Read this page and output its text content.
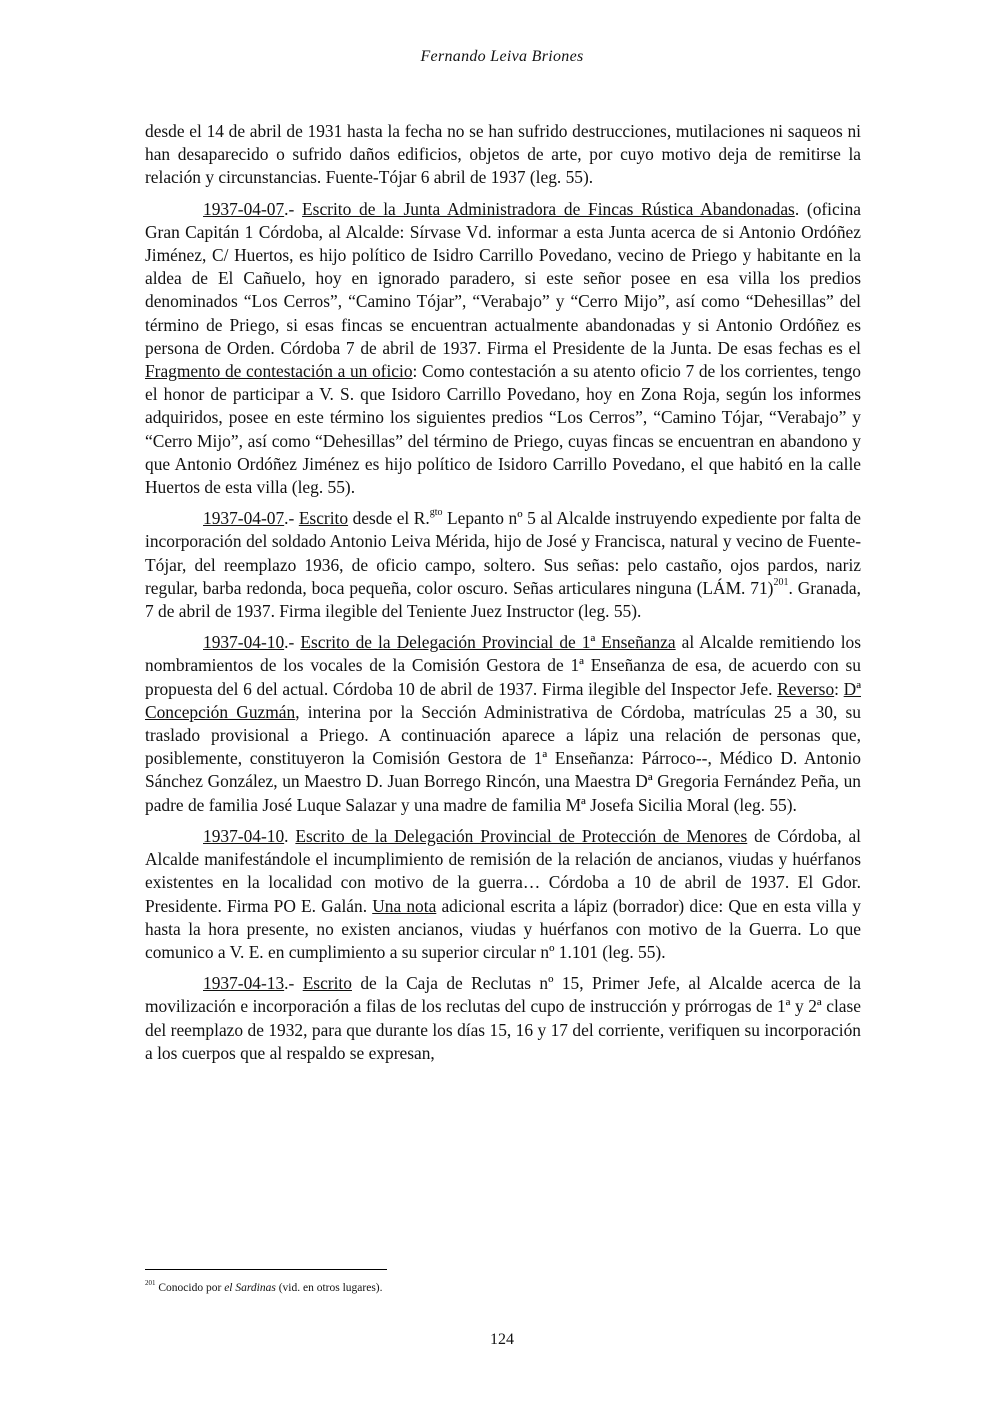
Fernando Leiva Briones

desde el 14 de abril de 1931 hasta la fecha no se han sufrido destrucciones, mutilaciones ni saqueos ni han desaparecido o sufrido daños edificios, objetos de arte, por cuyo motivo deja de remitirse la relación y circunstancias. Fuente-Tójar 6 abril de 1937 (leg. 55).

1937-04-07.- Escrito de la Junta Administradora de Fincas Rústica Abandonadas. (oficina Gran Capitán 1 Córdoba, al Alcalde: Sírvase Vd. informar a esta Junta acerca de si Antonio Ordóñez Jiménez, C/ Huertos, es hijo político de Isidro Carrillo Povedano, vecino de Priego y habitante en la aldea de El Cañuelo, hoy en ignorado paradero, si este señor posee en esa villa los predios denominados “Los Cerros”, “Camino Tójar”, “Verabajo” y “Cerro Mijo”, así como “Dehesillas” del término de Priego, si esas fincas se encuentran actualmente abandonadas y si Antonio Ordóñez es persona de Orden. Córdoba 7 de abril de 1937. Firma el Presidente de la Junta. De esas fechas es el Fragmento de contestación a un oficio: Como contestación a su atento oficio 7 de los corrientes, tengo el honor de participar a V. S. que Isidoro Carrillo Povedano, hoy en Zona Roja, según los informes adquiridos, posee en este término los siguientes predios “Los Cerros”, “Camino Tójar, “Verabajo” y “Cerro Mijo”, así como “Dehesillas” del término de Priego, cuyas fincas se encuentran en abandono y que Antonio Ordóñez Jiménez es hijo político de Isidoro Carrillo Povedano, el que habitó en la calle Huertos de esta villa (leg. 55).

1937-04-07.- Escrito desde el R.$^{gto}$ Lepanto nº 5 al Alcalde instruyendo expediente por falta de incorporación del soldado Antonio Leiva Mérida, hijo de José y Francisca, natural y vecino de Fuente-Tójar, del reemplazo 1936, de oficio campo, soltero. Sus señas: pelo castaño, ojos pardos, nariz regular, barba redonda, boca pequeña, color oscuro. Señas articulares ninguna (LÁM. 71)$^{201}$. Granada, 7 de abril de 1937. Firma ilegible del Teniente Juez Instructor (leg. 55).

1937-04-10.- Escrito de la Delegación Provincial de 1ª Enseñanza al Alcalde remitiendo los nombramientos de los vocales de la Comisión Gestora de 1ª Enseñanza de esa, de acuerdo con su propuesta del 6 del actual. Córdoba 10 de abril de 1937. Firma ilegible del Inspector Jefe. Reverso: Dª Concepción Guzmán, interina por la Sección Administrativa de Córdoba, matrículas 25 a 30, su traslado provisional a Priego. A continuación aparece a lápiz una relación de personas que, posiblemente, constituyeron la Comisión Gestora de 1ª Enseñanza: Párroco--, Médico D. Antonio Sánchez González, un Maestro D. Juan Borrego Rincón, una Maestra Dª Gregoria Fernández Peña, un padre de familia José Luque Salazar y una madre de familia Mª Josefa Sicilia Moral (leg. 55).

1937-04-10. Escrito de la Delegación Provincial de Protección de Menores de Córdoba, al Alcalde manifestándole el incumplimiento de remisión de la relación de ancianos, viudas y huérfanos existentes en la localidad con motivo de la guerra… Córdoba a 10 de abril de 1937. El Gdor. Presidente. Firma PO E. Galán. Una nota adicional escrita a lápiz (borrador) dice: Que en esta villa y hasta la hora presente, no existen ancianos, viudas y huérfanos con motivo de la Guerra. Lo que comunico a V. E. en cumplimiento a su superior circular nº 1.101 (leg. 55).

1937-04-13.- Escrito de la Caja de Reclutas nº 15, Primer Jefe, al Alcalde acerca de la movilización e incorporación a filas de los reclutas del cupo de instrucción y prórrogas de 1ª y 2ª clase del reemplazo de 1932, para que durante los días 15, 16 y 17 del corriente, verifiquen su incorporación a los cuerpos que al respaldo se expresan,

$^{201}$ Conocido por el Sardinas (vid. en otros lugares).
124
